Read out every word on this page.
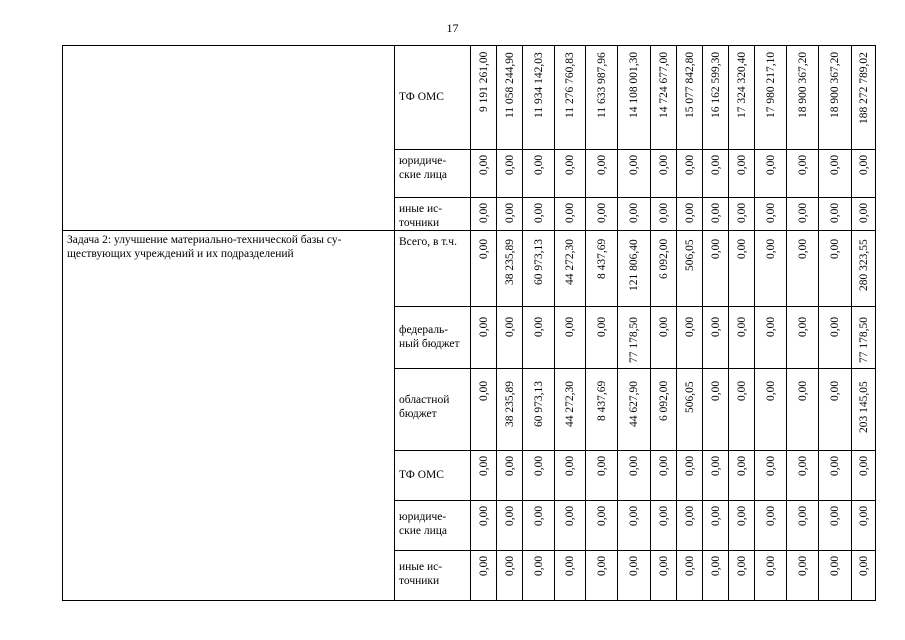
17

	ТФ ОМС	9 191 261,00	11 058 244,90	11 934 142,03	11 276 760,83	11 633 987,96	14 108 001,30	14 724 677,00	15 077 842,80	16 162 599,30	17 324 320,40	17 980 217,10	18 900 367,20	18 900 367,20	188 272 789,02

	юридиче-ские лица	0,00	0,00	0,00	0,00	0,00	0,00	0,00	0,00	0,00	0,00	0,00	0,00	0,00	0,00

	иные ис-точники	0,00	0,00	0,00	0,00	0,00	0,00	0,00	0,00	0,00	0,00	0,00	0,00	0,00	0,00

Задача 2: улучшение материально-технической базы су-ществующих учреждений и их подразделений	Всего, в т.ч.	0,00	38 235,89	60 973,13	44 272,30	8 437,69	121 806,40	6 092,00	506,05	0,00	0,00	0,00	0,00	0,00	280 323,55

	федераль-ный бюджет	0,00	0,00	0,00	0,00	0,00	77 178,50	0,00	0,00	0,00	0,00	0,00	0,00	0,00	77 178,50

	областной бюджет	0,00	38 235,89	60 973,13	44 272,30	8 437,69	44 627,90	6 092,00	506,05	0,00	0,00	0,00	0,00	0,00	203 145,05

	ТФ ОМС	0,00	0,00	0,00	0,00	0,00	0,00	0,00	0,00	0,00	0,00	0,00	0,00	0,00	0,00

	юридиче-ские лица	0,00	0,00	0,00	0,00	0,00	0,00	0,00	0,00	0,00	0,00	0,00	0,00	0,00	0,00

	иные ис-точники	0,00	0,00	0,00	0,00	0,00	0,00	0,00	0,00	0,00	0,00	0,00	0,00	0,00	0,00
